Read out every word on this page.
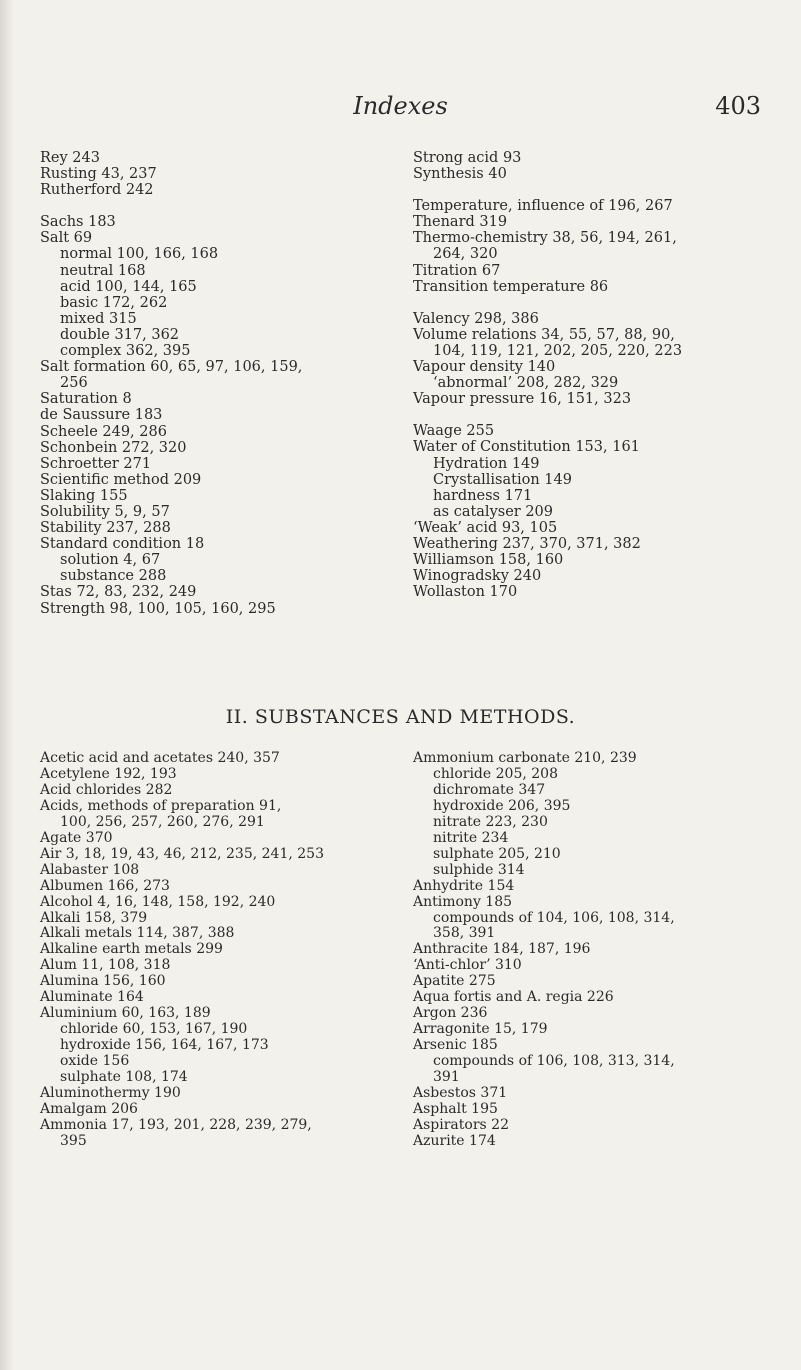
Indexes	403
Rey 243
Rusting 43, 237
Rutherford 242
Sachs 183
Salt 69
normal 100, 166, 168
neutral 168
acid 100, 144, 165
basic 172, 262
mixed 315
double 317, 362
complex 362, 395
Salt formation 60, 65, 97, 106, 159,
256
Saturation 8
de Saussure 183
Scheele 249, 286
Schonbein 272, 320
Schroetter 271
Scientific method 209
Slaking 155
Solubility 5, 9, 57
Stability 237, 288
Standard condition 18
solution 4, 67
substance 288
Stas 72, 83, 232, 249
Strength 98, 100, 105, 160, 295
Strong acid 93
Synthesis 40
Temperature, influence of 196, 267
Thenard 319
Thermo-chemistry 38, 56, 194, 261,
264, 320
Titration 67
Transition temperature 86
Valency 298, 386
Volume relations 34, 55, 57, 88, 90,
104, 119, 121, 202, 205, 220, 223
Vapour density 140
‘abnormal’ 208, 282, 329
Vapour pressure 16, 151, 323
Waage 255
Water of Constitution 153, 161
Hydration 149
Crystallisation 149
hardness 171
as catalyser 209
‘Weak’ acid 93, 105
Weathering 237, 370, 371, 382
Williamson 158, 160
Winogradsky 240
Wollaston 170
II. SUBSTANCES AND METHODS.
Acetic acid and acetates 240, 357
Acetylene 192, 193
Acid chlorides 282
Acids, methods of preparation 91,
100, 256, 257, 260, 276, 291
Agate 370
Air 3, 18, 19, 43, 46, 212, 235, 241, 253
Alabaster 108
Albumen 166, 273
Alcohol 4, 16, 148, 158, 192, 240
Alkali 158, 379
Alkali metals 114, 387, 388
Alkaline earth metals 299
Alum 11, 108, 318
Alumina 156, 160
Aluminate 164
Aluminium 60, 163, 189
chloride 60, 153, 167, 190
hydroxide 156, 164, 167, 173
oxide 156
sulphate 108, 174
Aluminothermy 190
Amalgam 206
Ammonia 17, 193, 201, 228, 239, 279,
395
Ammonium carbonate 210, 239
chloride 205, 208
dichromate 347
hydroxide 206, 395
nitrate 223, 230
nitrite 234
sulphate 205, 210
sulphide 314
Anhydrite 154
Antimony 185
compounds of 104, 106, 108, 314,
358, 391
Anthracite 184, 187, 196
‘Anti-chlor’ 310
Apatite 275
Aqua fortis and A. regia 226
Argon 236
Arragonite 15, 179
Arsenic 185
compounds of 106, 108, 313, 314,
391
Asbestos 371
Asphalt 195
Aspirators 22
Azurite 174
